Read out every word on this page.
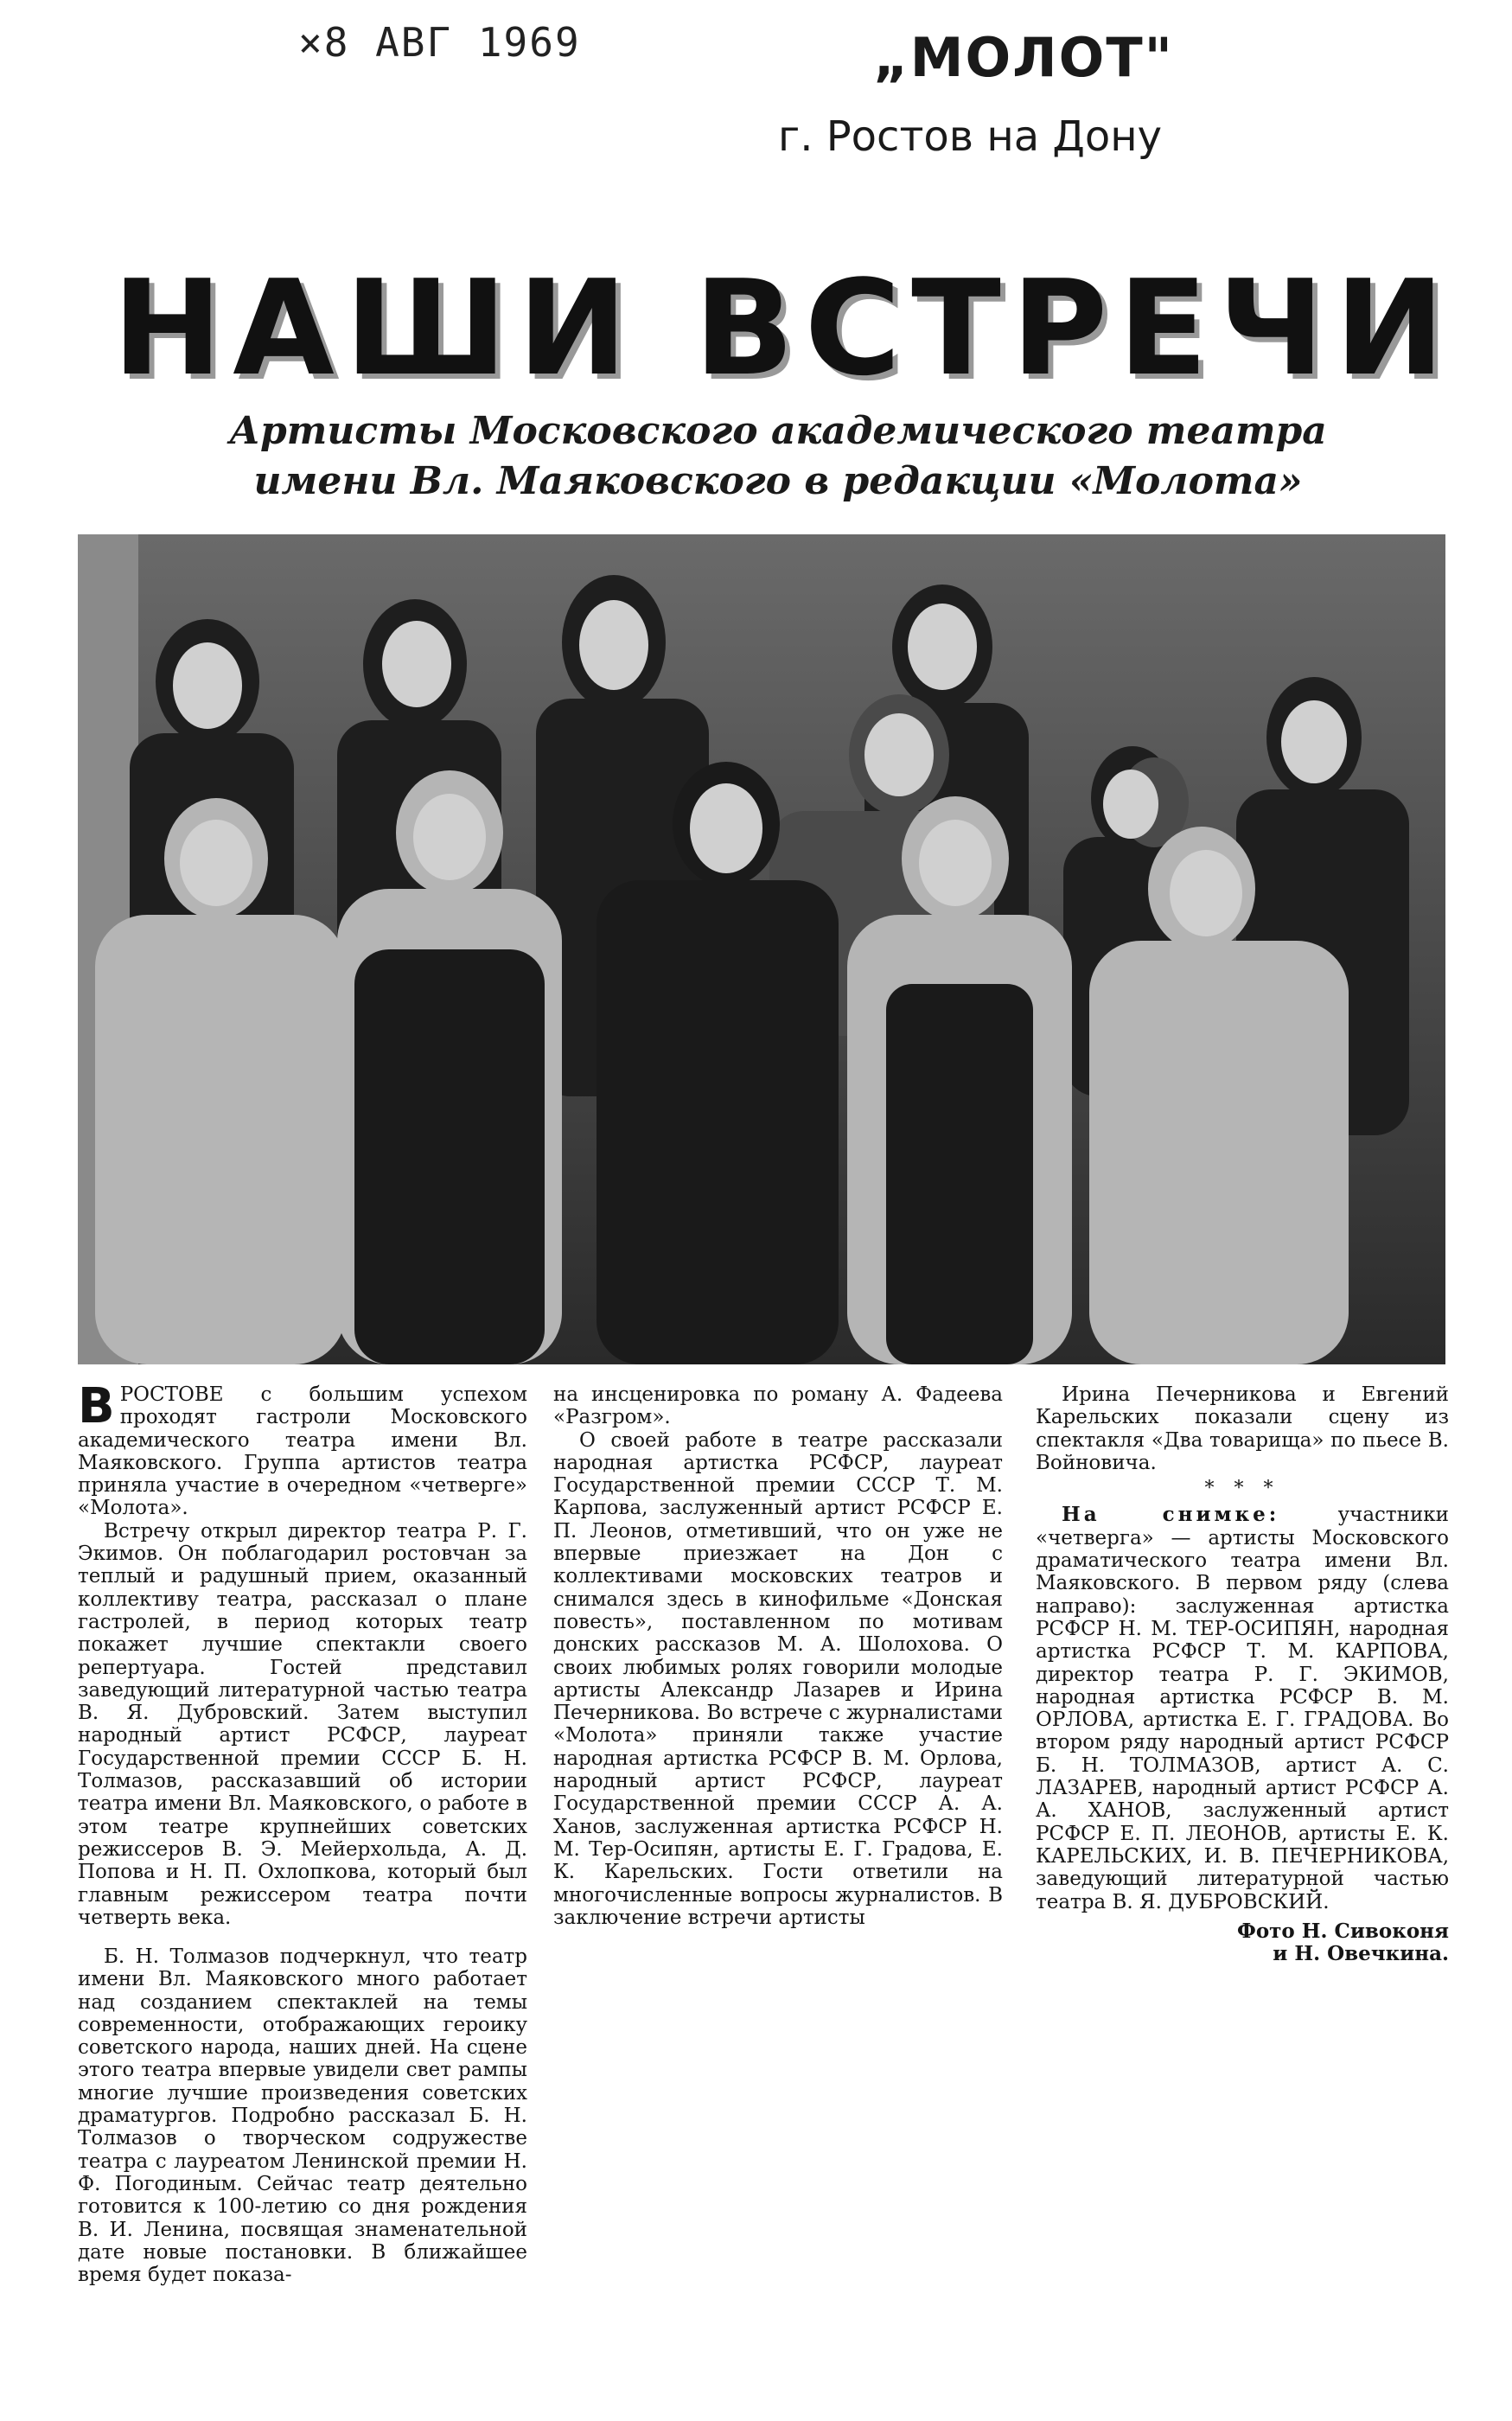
×8 АВГ 1969	„МОЛОТ"
г. Ростов на Дону
НАШИ ВСТРЕЧИ
Артисты Московского академического театра
имени Вл. Маяковского в редакции «Молота»

ВРОСТОВЕ с большим успехом проходят гастроли Московского академического театра имени Вл. Маяковского. Группа артистов театра приняла участие в очередном «четверге» «Молота».

Встречу открыл директор театра Р. Г. Экимов. Он поблагодарил ростовчан за теплый и радушный прием, оказанный коллективу театра, рассказал о плане гастролей, в период которых театр покажет лучшие спектакли своего репертуара. Гостей представил заведующий литературной частью театра В. Я. Дубровский. Затем выступил народный артист РСФСР, лауреат Государственной премии СССР Б. Н. Толмазов, рассказавший об истории театра имени Вл. Маяковского, о работе в этом театре крупнейших советских режиссеров В. Э. Мейерхольда, А. Д. Попова и Н. П. Охлопкова, который был главным режиссером театра почти четверть века.

Б. Н. Толмазов подчеркнул, что театр имени Вл. Маяковского много работает над созданием спектаклей на темы современности, отображающих героику советского народа, наших дней. На сцене этого театра впервые увидели свет рампы многие лучшие произведения советских драматургов. Подробно рассказал Б. Н. Толмазов о творческом содружестве театра с лауреатом Ленинской премии Н. Ф. Погодиным. Сейчас театр деятельно готовится к 100-летию со дня рождения В. И. Ленина, посвящая знаменательной дате новые постановки. В ближайшее время будет показа-

на инсценировка по роману А. Фадеева «Разгром».

О своей работе в театре рассказали народная артистка РСФСР, лауреат Государственной премии СССР Т. М. Карпова, заслуженный артист РСФСР Е. П. Леонов, отметивший, что он уже не впервые приезжает на Дон с коллективами московских театров и снимался здесь в кинофильме «Донская повесть», поставленном по мотивам донских рассказов М. А. Шолохова. О своих любимых ролях говорили молодые артисты Александр Лазарев и Ирина Печерникова. Во встрече с журналистами «Молота» приняли также участие народная артистка РСФСР В. М. Орлова, народный артист РСФСР, лауреат Государственной премии СССР А. А. Ханов, заслуженная артистка РСФСР Н. М. Тер-Осипян, артисты Е. Г. Градова, Е. К. Карельских. Гости ответили на многочисленные вопросы журналистов. В заключение встречи артисты

Ирина Печерникова и Евгений Карельских показали сцену из спектакля «Два товарища» по пьесе В. Войновича.

* * *

На снимке:	участники «четверга» — артисты Московского драматического театра имени Вл. Маяковского. В первом ряду (слева направо): заслуженная артистка РСФСР Н. М. ТЕР-ОСИПЯН, народная артистка РСФСР Т. М. КАРПОВА, директор театра Р. Г. ЭКИМОВ, народная артистка РСФСР В. М. ОРЛОВА, артистка Е. Г. ГРАДОВА. Во втором ряду народный артист РСФСР Б. Н. ТОЛМАЗОВ, артист А. С. ЛАЗАРЕВ, народный артист РСФСР А. А. ХАНОВ, заслуженный артист РСФСР Е. П. ЛЕОНОВ, артисты Е. К. КАРЕЛЬСКИХ, И. В. ПЕЧЕРНИКОВА, заведующий литературной частью театра В. Я. ДУБРОВСКИЙ.

Фото Н. Сивоконя
и Н. Овечкина.
